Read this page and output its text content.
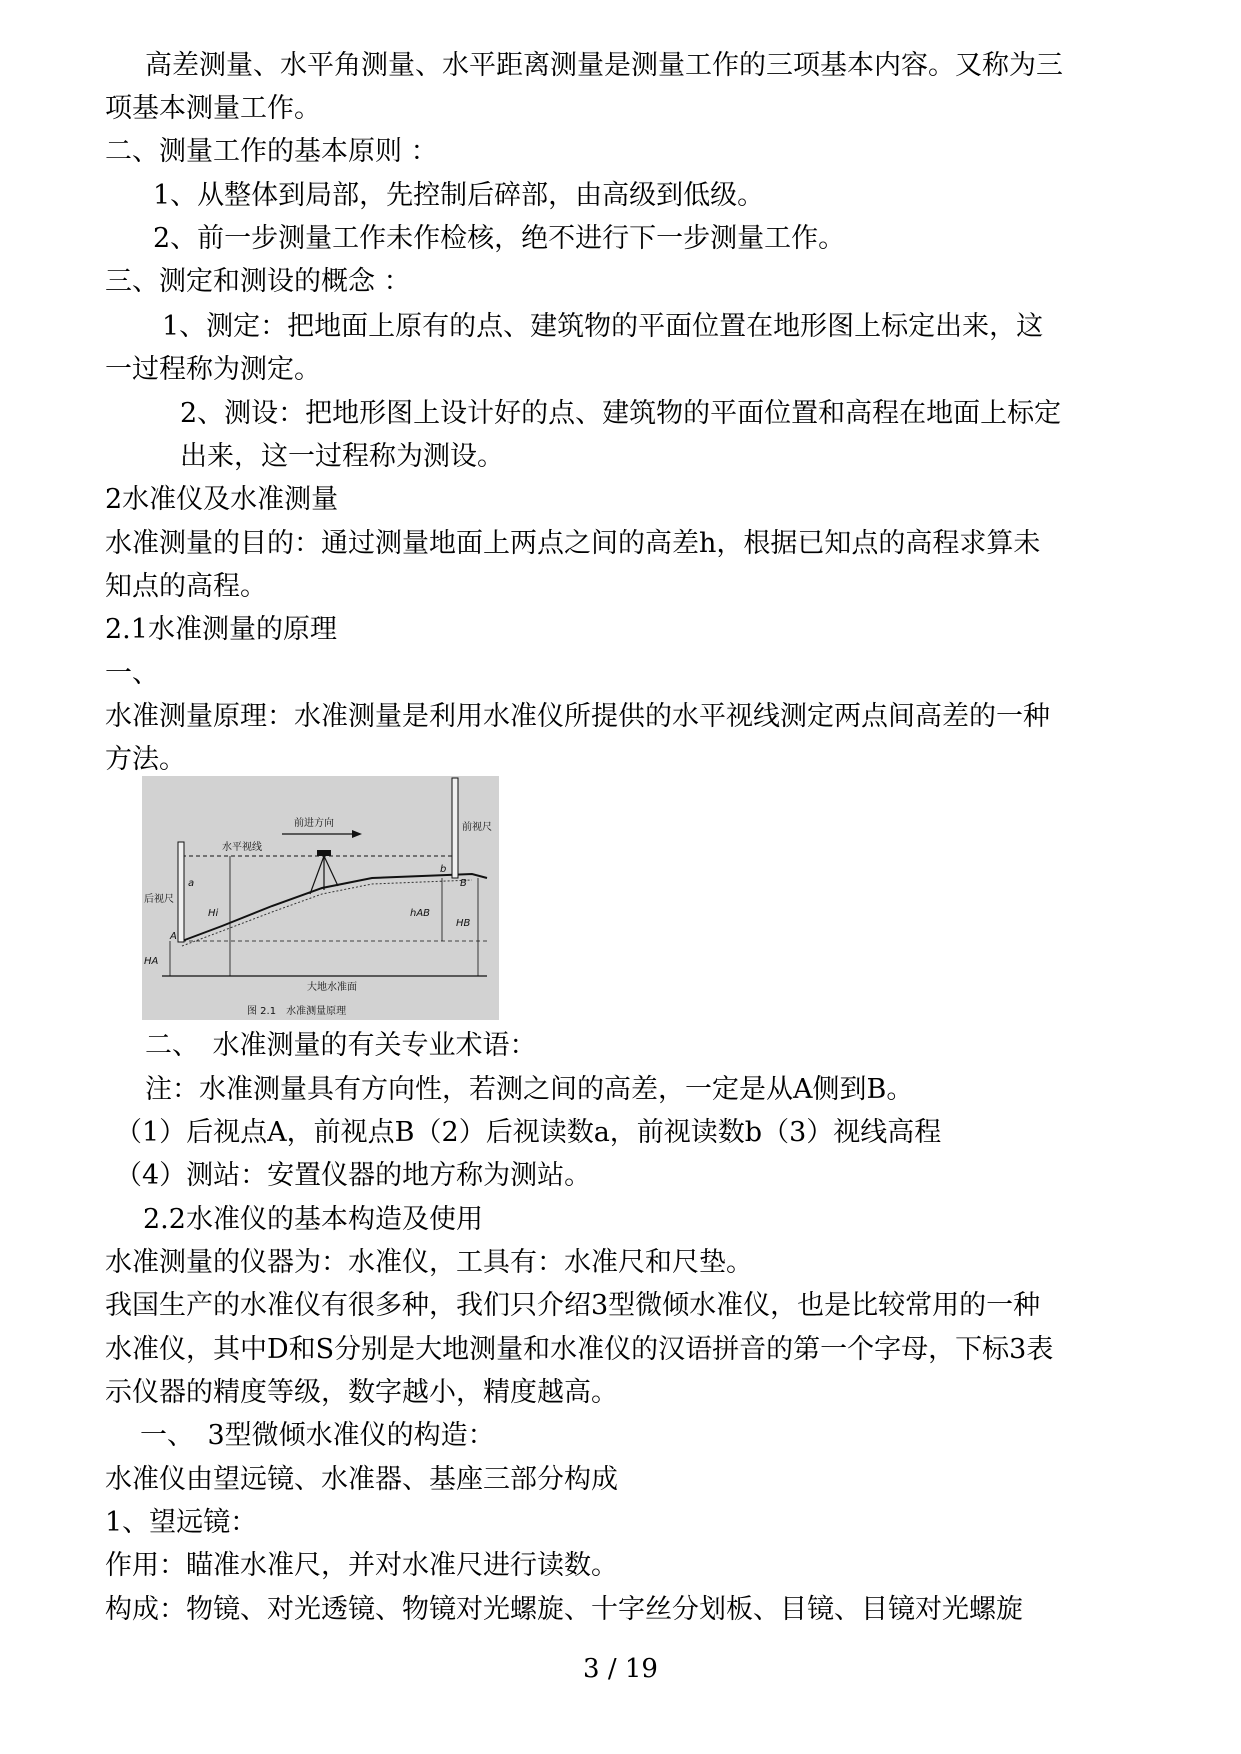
高差测量、水平角测量、水平距离测量是测量工作的三项基本内容。又称为三
项基本测量工作。
二、测量工作的基本原则 ：
1、从整体到局部，先控制后碎部，由高级到低级。
2、前一步测量工作未作检核，绝不进行下一步测量工作。
三、测定和测设的概念 ：
1、测定：把地面上原有的点、建筑物的平面位置在地形图上标定出来，这
一过程称为测定。
2、测设：把地形图上设计好的点、建筑物的平面位置和高程在地面上标定
出来，这一过程称为测设。
2水准仪及水准测量
水准测量的目的：通过测量地面上两点之间的高差h，根据已知点的高程求算未
知点的高程。
2.1水准测量的原理
一、
水准测量原理：水准测量是利用水准仪所提供的水平视线测定两点间高差的一种
方法。
前进方向
水平视线
大地水准面
后视尺
a
A
前视尺
b
B
Hi
HA
hAB
HB
图 2.1　水准测量原理
二、　水准测量的有关专业术语：
注：水准测量具有方向性，若测之间的高差，一定是从A侧到B。
（1）后视点A，前视点B（2）后视读数a，前视读数b（3）视线高程
（4）测站：安置仪器的地方称为测站。
2.2水准仪的基本构造及使用
水准测量的仪器为：水准仪，工具有：水准尺和尺垫。
我国生产的水准仪有很多种，我们只介绍3型微倾水准仪，也是比较常用的一种
水准仪，其中D和S分别是大地测量和水准仪的汉语拼音的第一个字母，下标3表
示仪器的精度等级，数字越小，精度越高。
一、　3型微倾水准仪的构造：
水准仪由望远镜、水准器、基座三部分构成
1、望远镜：
作用：瞄准水准尺，并对水准尺进行读数。
构成：物镜、对光透镜、物镜对光螺旋、十字丝分划板、目镜、目镜对光螺旋
3 / 19
